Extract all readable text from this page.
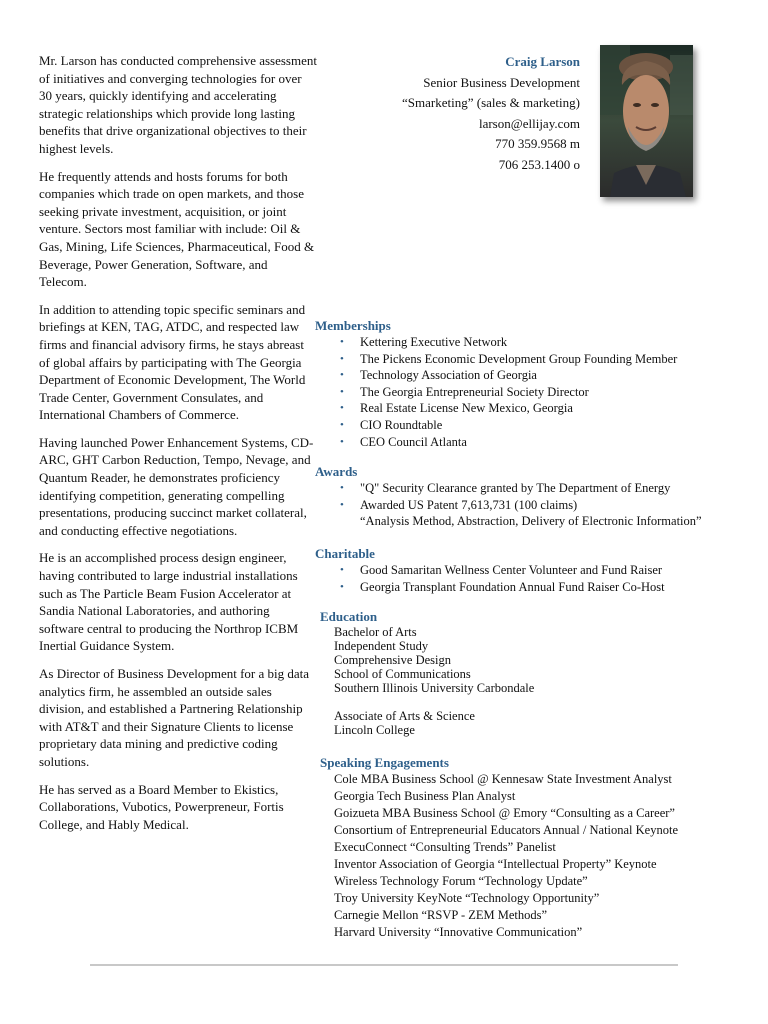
Mr. Larson has conducted comprehensive assessment of initiatives and converging technologies for over 30 years, quickly identifying and accelerating strategic relationships which provide long lasting benefits that drive organizational objectives to their highest levels.

He frequently attends and hosts forums for both companies which trade on open markets, and those seeking private investment, acquisition, or joint venture. Sectors most familiar with include: Oil & Gas, Mining, Life Sciences, Pharmaceutical, Food & Beverage, Power Generation, Software, and Telecom.

In addition to attending topic specific seminars and briefings at KEN, TAG, ATDC, and respected law firms and financial advisory firms, he stays abreast of global affairs by participating with The Georgia Department of Economic Development, The World Trade Center, Government Consulates, and International Chambers of Commerce.

Having launched Power Enhancement Systems, CD-ARC, GHT Carbon Reduction, Tempo, Nevage, and Quantum Reader, he demonstrates proficiency identifying competition, generating compelling presentations, producing succinct market collateral, and conducting effective negotiations.

He is an accomplished process design engineer, having contributed to large industrial installations such as The Particle Beam Fusion Accelerator at Sandia National Laboratories, and authoring software central to producing the Northrop ICBM Inertial Guidance System.

As Director of Business Development for a big data analytics firm, he assembled an outside sales division, and established a Partnering Relationship with AT&T and their Signature Clients to license proprietary data mining and predictive coding solutions.

He has served as a Board Member to Ekistics, Collaborations, Vubotics, Powerpreneur, Fortis College, and Hably Medical.

Craig Larson
Senior Business Development
“Smarketing” (sales & marketing)
larson@ellijay.com
770 359.9568 m
706 253.1400 o
Memberships
• Kettering Executive Network
• The Pickens Economic Development Group Founding Member
• Technology Association of Georgia
• The Georgia Entrepreneurial Society Director
• Real Estate License New Mexico, Georgia
• CIO Roundtable
• CEO Council Atlanta
Awards
• "Q" Security Clearance granted by The Department of Energy
• Awarded US Patent 7,613,731 (100 claims)
“Analysis Method, Abstraction, Delivery of Electronic Information”
Charitable
• Good Samaritan Wellness Center Volunteer and Fund Raiser
• Georgia Transplant Foundation Annual Fund Raiser Co-Host
Education
Bachelor of Arts
Independent Study
Comprehensive Design
School of Communications
Southern Illinois University Carbondale
Associate of Arts & Science
Lincoln College
Speaking Engagements
Cole MBA Business School @ Kennesaw State Investment Analyst
Georgia Tech Business Plan Analyst
Goizueta MBA Business School @ Emory “Consulting as a Career”
Consortium of Entrepreneurial Educators Annual / National Keynote
ExecuConnect “Consulting Trends” Panelist
Inventor Association of Georgia “Intellectual Property” Keynote
Wireless Technology Forum “Technology Update”
Troy University KeyNote “Technology Opportunity”
Carnegie Mellon “RSVP - ZEM Methods”
Harvard University “Innovative Communication”
